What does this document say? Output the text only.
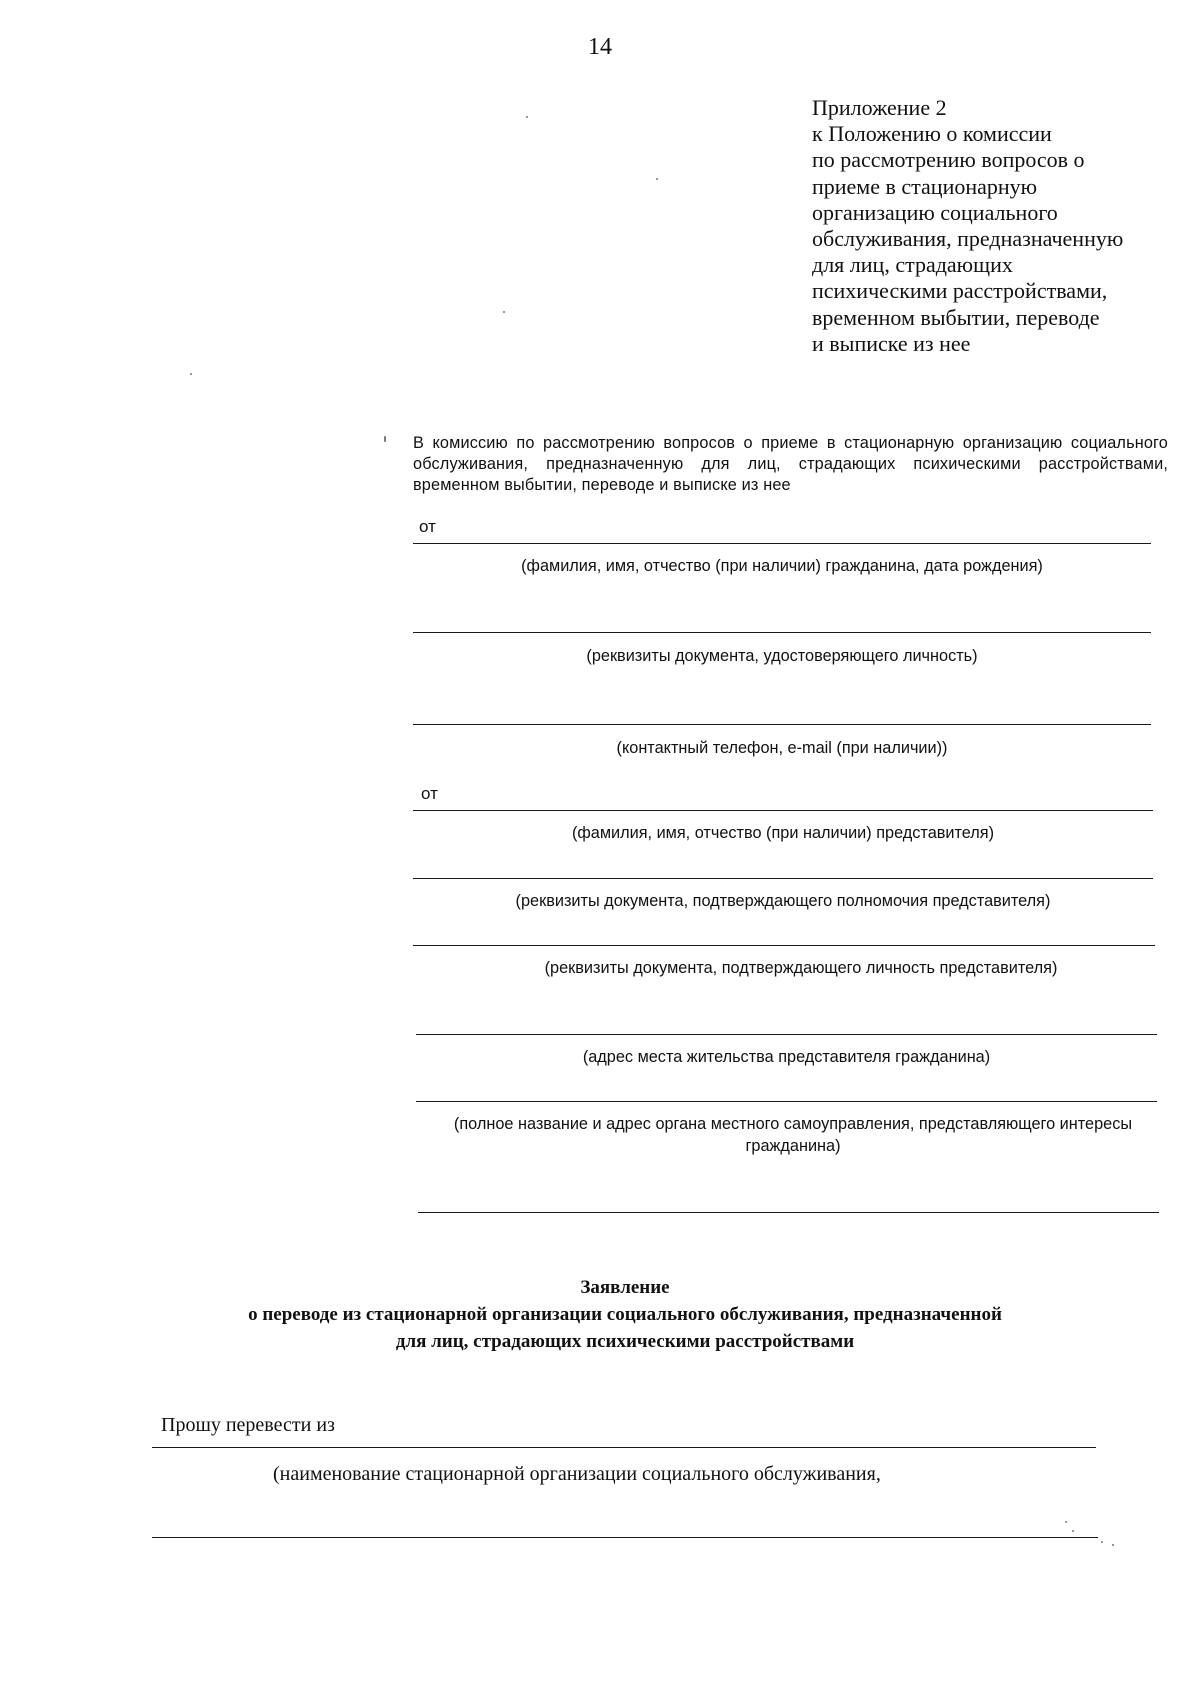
14
Приложение 2
к Положению о комиссии
по рассмотрению вопросов о
приеме в стационарную
организацию социального
обслуживания, предназначенную
для лиц, страдающих
психическими расстройствами,
временном выбытии, переводе
и выписке из нее
В комиссию по рассмотрению вопросов о приеме в стационарную организацию социального обслуживания, предназначенную для лиц, страдающих психическими расстройствами, временном выбытии, переводе и выписке из нее
от
(фамилия, имя, отчество (при наличии) гражданина, дата рождения)
(реквизиты документа, удостоверяющего личность)
(контактный телефон, e-mail (при наличии))
от
(фамилия, имя, отчество (при наличии) представителя)
(реквизиты документа, подтверждающего полномочия представителя)
(реквизиты документа, подтверждающего личность представителя)
(адрес места жительства представителя гражданина)
(полное название и адрес органа местного самоуправления, представляющего интересы гражданина)
Заявление
о переводе из стационарной организации социального обслуживания, предназначенной
для лиц, страдающих психическими расстройствами
Прошу перевести из
(наименование стационарной организации социального обслуживания,
